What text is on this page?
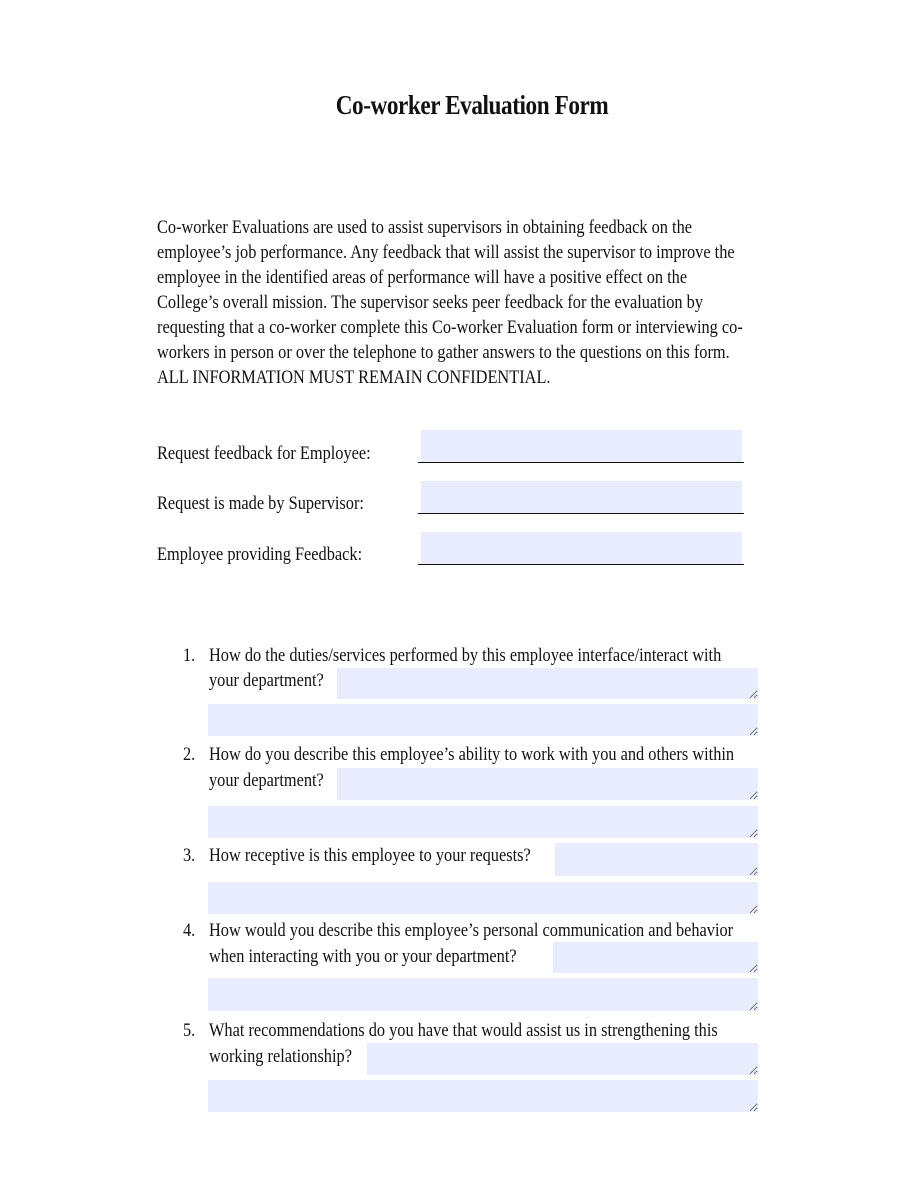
Co-worker Evaluation Form
Co-worker Evaluations are used to assist supervisors in obtaining feedback on the
employee’s job performance. Any feedback that will assist the supervisor to improve the
employee in the identified areas of performance will have a positive effect on the
College’s overall mission. The supervisor seeks peer feedback for the evaluation by
requesting that a co-worker complete this Co-worker Evaluation form or interviewing co-
workers in person or over the telephone to gather answers to the questions on this form.
ALL INFORMATION MUST REMAIN CONFIDENTIAL.
Request feedback for Employee:
Request is made by Supervisor:
Employee providing Feedback:
1. How do the duties/services performed by this employee interface/interact with
your department?
2. How do you describe this employee’s ability to work with you and others within
your department?
3. How receptive is this employee to your requests?
4. How would you describe this employee’s personal communication and behavior
when interacting with you or your department?
5. What recommendations do you have that would assist us in strengthening this
working relationship?
